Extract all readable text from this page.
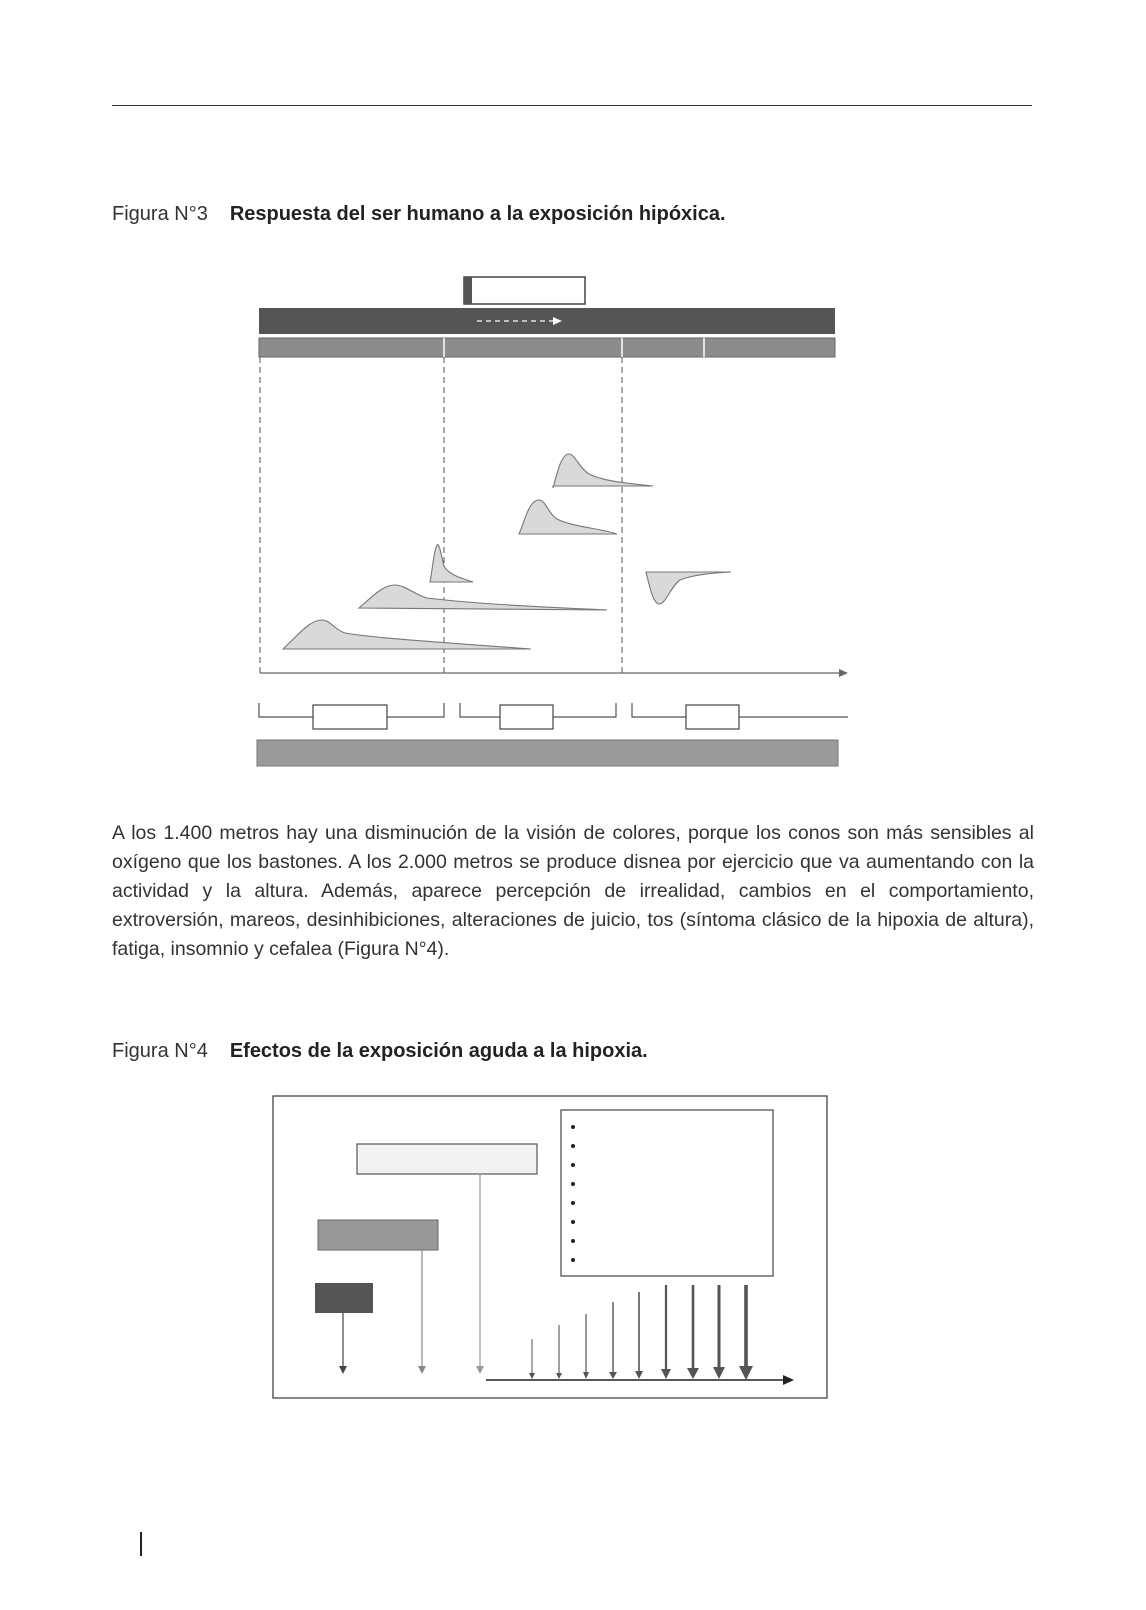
Figura N°3 Respuesta del ser humano a la exposición hipóxica.

A los 1.400 metros hay una disminución de la visión de colores, porque los conos son más sensibles al oxígeno que los bastones. A los 2.000 metros se produce disnea por ejercicio que va aumentando con la actividad y la altura. Además, aparece percepción de irrealidad, cambios en el comportamiento, extroversión, mareos, desinhibiciones, alteraciones de juicio, tos (síntoma clásico de la hipoxia de altura), fatiga, insomnio y cefalea (Figura N°4).

Figura N°4 Efectos de la exposición aguda a la hipoxia.
